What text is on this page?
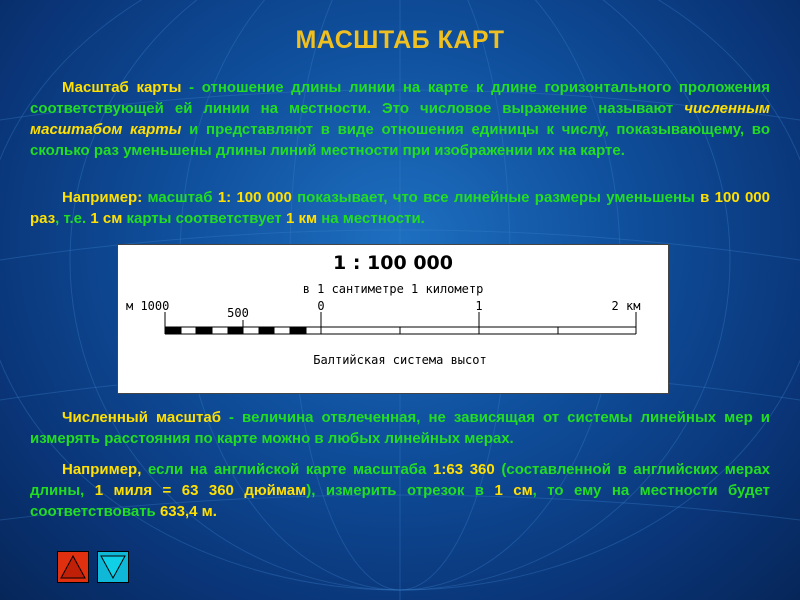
МАСШТАБ КАРТ

Масштаб карты - отношение длины линии на карте к длине горизонтального проложения соответствующей ей линии на местности. Это числовое выражение называют численным масштабом карты и представляют в виде отношения единицы к числу, показывающему, во сколько раз уменьшены длины линий местности при изображении их на карте.

Например: масштаб 1: 100 000 показывает, что все линейные размеры уменьшены в 100 000 раз, т.е. 1 см карты соответствует 1 км на местности.

1 : 100 000
в 1 сантиметре 1 километр
м 1000	500	0	1	2 км
Балтийская система высот

Численный масштаб - величина отвлеченная, не зависящая от системы линейных мер и измерять расстояния по карте можно в любых линейных мерах.

Например, если на английской карте масштаба 1:63 360 (составленной в английских мерах длины, 1 миля = 63 360 дюймам), измерить отрезок в 1 см, то ему на местности будет соответствовать 633,4 м.
